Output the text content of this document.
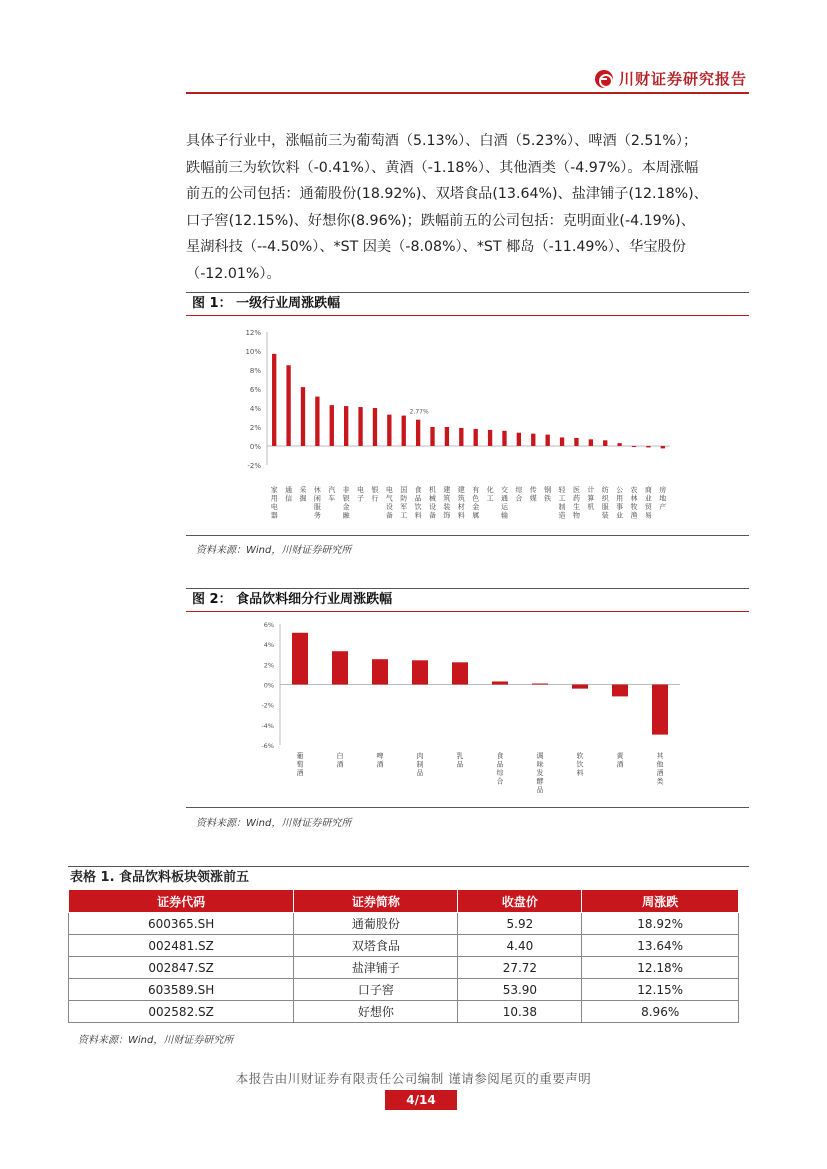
川财证券研究报告

具体子行业中，涨幅前三为葡萄酒（5.13%）、白酒（5.23%）、啤酒（2.51%）；

跌幅前三为软饮料（-0.41%）、黄酒（-1.18%）、其他酒类（-4.97%）。本周涨幅

前五的公司包括：通葡股份(18.92%)、双塔食品(13.64%)、盐津铺子(12.18%)、

口子窖(12.15%)、好想你(8.96%)；跌幅前五的公司包括：克明面业(-4.19%)、

星湖科技（--4.50%）、*ST 因美（-8.08%）、*ST 椰岛（-11.49%）、华宝股份

（-12.01%）。

图 1： 一级行业周涨跌幅
12%
10%
8%
6%
4%
2%
0%
-2%
家用电器
通信
采掘
休闲服务
汽车
非银金融
电子
银行
电气设备
国防军工
食品饮料
2.77%
机械设备
建筑装饰
建筑材料
有色金属
化工
交通运输
综合
传媒
钢铁
轻工制造
医药生物
计算机
纺织服装
公用事业
农林牧渔
商业贸易
房地产
资料来源：Wind，川财证券研究所
图 2： 食品饮料细分行业周涨跌幅
6%
4%
2%
0%
-2%
-4%
-6%
葡萄酒
白酒
啤酒
肉制品
乳品
食品综合
调味发酵品
软饮料
黄酒
其他酒类
资料来源：Wind，川财证券研究所
表格 1. 食品饮料板块领涨前五
证券代码	证券简称	收盘价	周涨跌
600365.SH	通葡股份	5.92	18.92%
002481.SZ	双塔食品	4.40	13.64%
002847.SZ	盐津铺子	27.72	12.18%
603589.SH	口子窖	53.90	12.15%
002582.SZ	好想你	10.38	8.96%
资料来源：Wind，川财证券研究所
本报告由川财证券有限责任公司编制 谨请参阅尾页的重要声明
4/14
